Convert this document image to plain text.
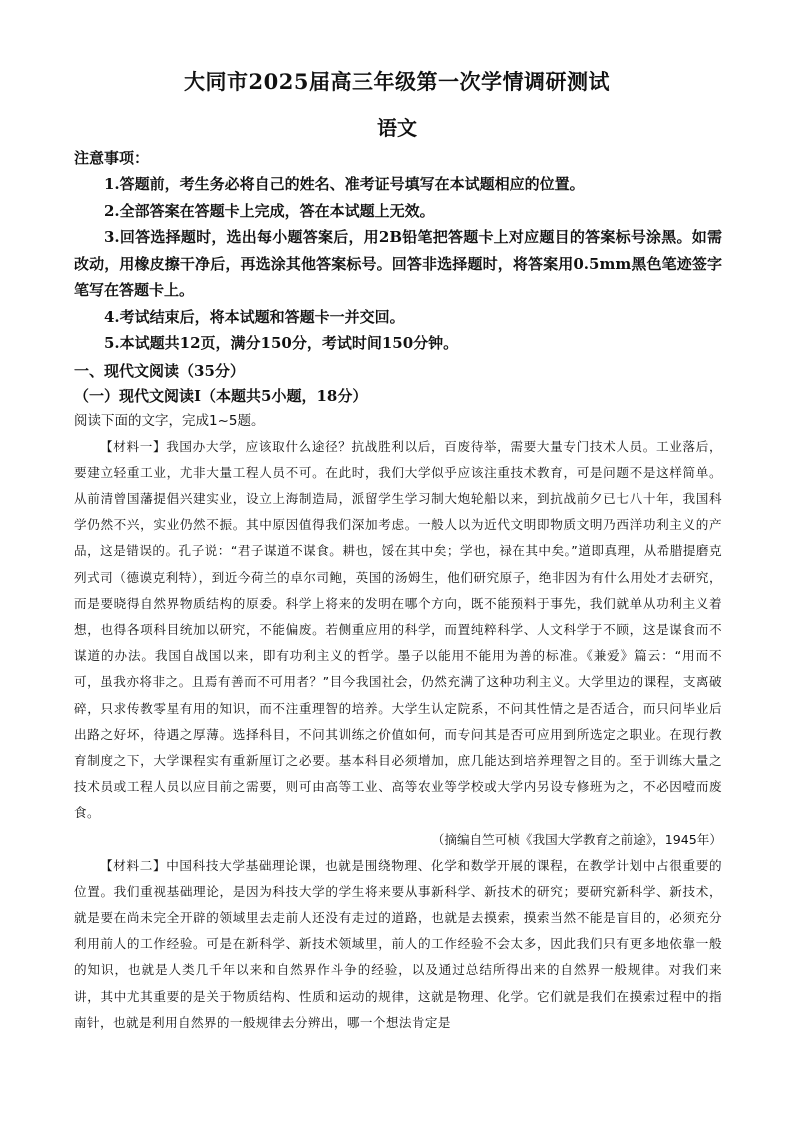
大同市2025届高三年级第一次学情调研测试
语文

注意事项：

1.答题前，考生务必将自己的姓名、准考证号填写在本试题相应的位置。

2.全部答案在答题卡上完成，答在本试题上无效。

3.回答选择题时，选出每小题答案后，用2B铅笔把答题卡上对应题目的答案标号涂黑。如需改动，用橡皮擦干净后，再选涂其他答案标号。回答非选择题时，将答案用0.5mm黑色笔迹签字笔写在答题卡上。

4.考试结束后，将本试题和答题卡一并交回。

5.本试题共12页，满分150分，考试时间150分钟。

一、现代文阅读（35分）

（一）现代文阅读Ⅰ（本题共5小题，18分）

阅读下面的文字，完成1~5题。

【材料一】我国办大学，应该取什么途径？抗战胜利以后，百废待举，需要大量专门技术人员。工业落后，要建立轻重工业，尤非大量工程人员不可。在此时，我们大学似乎应该注重技术教育，可是问题不是这样简单。从前清曾国藩提倡兴建实业，设立上海制造局，派留学生学习制大炮轮船以来，到抗战前夕已七八十年，我国科学仍然不兴，实业仍然不振。其中原因值得我们深加考虑。一般人以为近代文明即物质文明乃西洋功利主义的产品，这是错误的。孔子说：“君子谋道不谋食。耕也，馁在其中矣；学也，禄在其中矣。”道即真理，从希腊提磨克列式司（德谟克利特），到近今荷兰的卓尔司鲍，英国的汤姆生，他们研究原子，绝非因为有什么用处才去研究，而是要晓得自然界物质结构的原委。科学上将来的发明在哪个方向，既不能预料于事先，我们就单从功利主义着想，也得各项科目统加以研究，不能偏废。若侧重应用的科学，而置纯粹科学、人文科学于不顾，这是谋食而不谋道的办法。我国自战国以来，即有功利主义的哲学。墨子以能用不能用为善的标准。《兼爱》篇云：“用而不可，虽我亦将非之。且焉有善而不可用者？”目今我国社会，仍然充满了这种功利主义。大学里边的课程，支离破碎，只求传教零星有用的知识，而不注重理智的培养。大学生认定院系，不问其性情之是否适合，而只问毕业后出路之好坏，待遇之厚薄。选择科目，不问其训练之价值如何，而专问其是否可应用到所选定之职业。在现行教育制度之下，大学课程实有重新厘订之必要。基本科目必须增加，庶几能达到培养理智之目的。至于训练大量之技术员或工程人员以应目前之需要，则可由高等工业、高等农业等学校或大学内另设专修班为之，不必因噎而废食。

（摘编自竺可桢《我国大学教育之前途》，1945年）

【材料二】中国科技大学基础理论课，也就是围绕物理、化学和数学开展的课程，在教学计划中占很重要的位置。我们重视基础理论，是因为科技大学的学生将来要从事新科学、新技术的研究；要研究新科学、新技术，就是要在尚未完全开辟的领域里去走前人还没有走过的道路，也就是去摸索，摸索当然不能是盲目的，必须充分利用前人的工作经验。可是在新科学、新技术领域里，前人的工作经验不会太多，因此我们只有更多地依靠一般的知识，也就是人类几千年以来和自然界作斗争的经验，以及通过总结所得出来的自然界一般规律。对我们来讲，其中尤其重要的是关于物质结构、性质和运动的规律，这就是物理、化学。它们就是我们在摸索过程中的指南针，也就是利用自然界的一般规律去分辨出，哪一个想法肯定是
